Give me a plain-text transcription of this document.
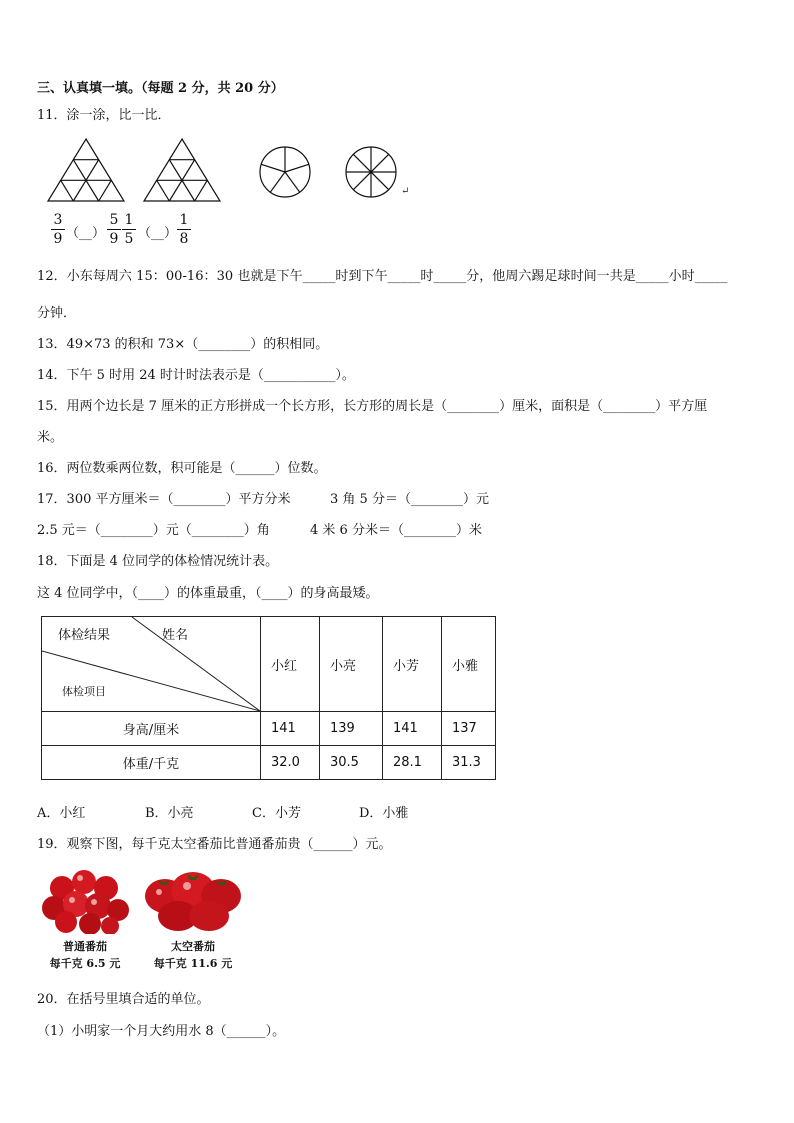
三、认真填一填。（每题 2 分，共 20 分）
11．涂一涂，比一比．
↵
3
9 （__）
5
9
1
5 （__）
1
8
12．小东每周六 15：00-16：30 也就是下午_____时到下午_____时_____分，他周六踢足球时间一共是_____小时_____
分钟．
13．49×73 的积和 73×（________）的积相同。
14．下午 5 时用 24 时计时法表示是（___________）。
15．用两个边长是 7 厘米的正方形拼成一个长方形，长方形的周长是（________）厘米，面积是（________）平方厘
米。
16．两位数乘两位数，积可能是（______）位数。
17．300 平方厘米＝（________）平方分米	3 角 5 分＝（________）元
2.5 元＝（________）元（________）角	4 米 6 分米＝（________）米
18．下面是 4 位同学的体检情况统计表。
这 4 位同学中，（____）的体重最重，（____）的身高最矮。
体检结果 姓名
体检项目	小红	小亮	小芳	小雅
身高/厘米	141	139	141	137
体重/千克	32.0	30.5	28.1	31.3
A．小红	B．小亮	C．小芳	D．小雅
19．观察下图，每千克太空番茄比普通番茄贵（______）元。
普通番茄
每千克 6.5 元
太空番茄
每千克 11.6 元
20．在括号里填合适的单位。
（1）小明家一个月大约用水 8（______）。
